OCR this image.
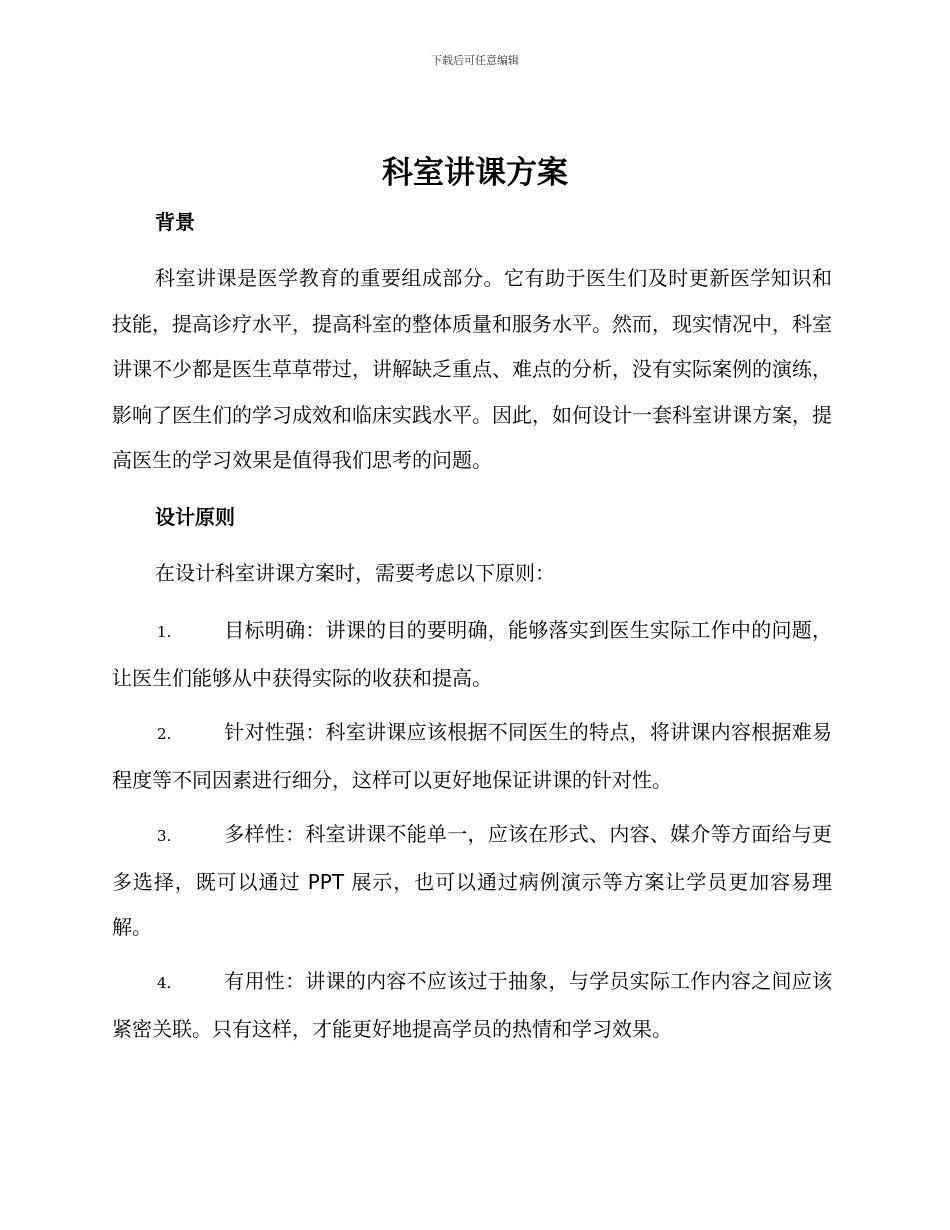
下载后可任意编辑
科室讲课方案
背景

科室讲课是医学教育的重要组成部分。它有助于医生们及时更新医学知识和技能，提高诊疗水平，提高科室的整体质量和服务水平。然而，现实情况中，科室讲课不少都是医生草草带过，讲解缺乏重点、难点的分析，没有实际案例的演练，影响了医生们的学习成效和临床实践水平。因此，如何设计一套科室讲课方案，提高医生的学习效果是值得我们思考的问题。

设计原则

在设计科室讲课方案时，需要考虑以下原则：

1.	目标明确：讲课的目的要明确，能够落实到医生实际工作中的问题，让医生们能够从中获得实际的收获和提高。

2.	针对性强：科室讲课应该根据不同医生的特点，将讲课内容根据难易程度等不同因素进行细分，这样可以更好地保证讲课的针对性。

3.	多样性：科室讲课不能单一，应该在形式、内容、媒介等方面给与更多选择，既可以通过 PPT 展示，也可以通过病例演示等方案让学员更加容易理解。

4.	有用性：讲课的内容不应该过于抽象，与学员实际工作内容之间应该紧密关联。只有这样，才能更好地提高学员的热情和学习效果。
